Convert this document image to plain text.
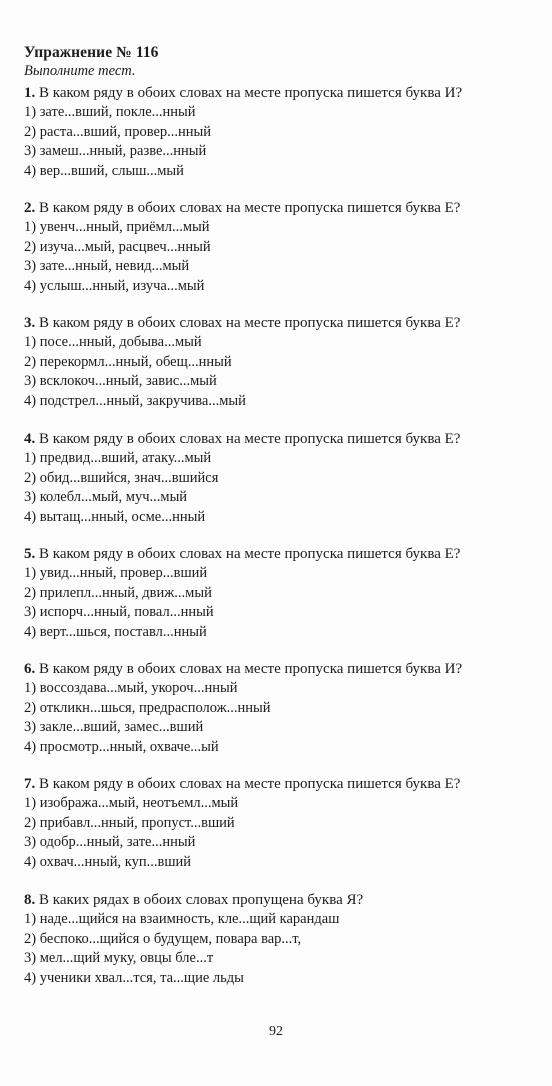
Упражнение № 116
Выполните тест.
1. В каком ряду в обоих словах на месте пропуска пишется буква И?
1) зате...вший, покле...нный
2) раста...вший, провер...нный
3) замеш...нный, разве...нный
4) вер...вший, слыш...мый
2. В каком ряду в обоих словах на месте пропуска пишется буква Е?
1) увенч...нный, приёмл...мый
2) изуча...мый, расцвеч...нный
3) зате...нный, невид...мый
4) услыш...нный, изуча...мый
3. В каком ряду в обоих словах на месте пропуска пишется буква Е?
1) посе...нный, добыва...мый
2) перекормл...нный, обещ...нный
3) всклокоч...нный, завис...мый
4) подстрел...нный, закручива...мый
4. В каком ряду в обоих словах на месте пропуска пишется буква Е?
1) предвид...вший, атаку...мый
2) обид...вшийся, знач...вшийся
3) колебл...мый, муч...мый
4) вытащ...нный, осме...нный
5. В каком ряду в обоих словах на месте пропуска пишется буква Е?
1) увид...нный, провер...вший
2) прилепл...нный, движ...мый
3) испорч...нный, повал...нный
4) верт...шься, поставл...нный
6. В каком ряду в обоих словах на месте пропуска пишется буква И?
1) воссоздава...мый, укороч...нный
2) откликн...шься, предрасполож...нный
3) закле...вший, замес...вший
4) просмотр...нный, охваче...ый
7. В каком ряду в обоих словах на месте пропуска пишется буква Е?
1) изобража...мый, неотъемл...мый
2) прибавл...нный, пропуст...вший
3) одобр...нный, зате...нный
4) охвач...нный, куп...вший
8. В каких рядах в обоих словах пропущена буква Я?
1) наде...щийся на взаимность, кле...щий карандаш
2) беспоко...щийся о будущем, повара вар...т,
3) мел...щий муку, овцы бле...т
4) ученики хвал...тся, та...щие льды
92
